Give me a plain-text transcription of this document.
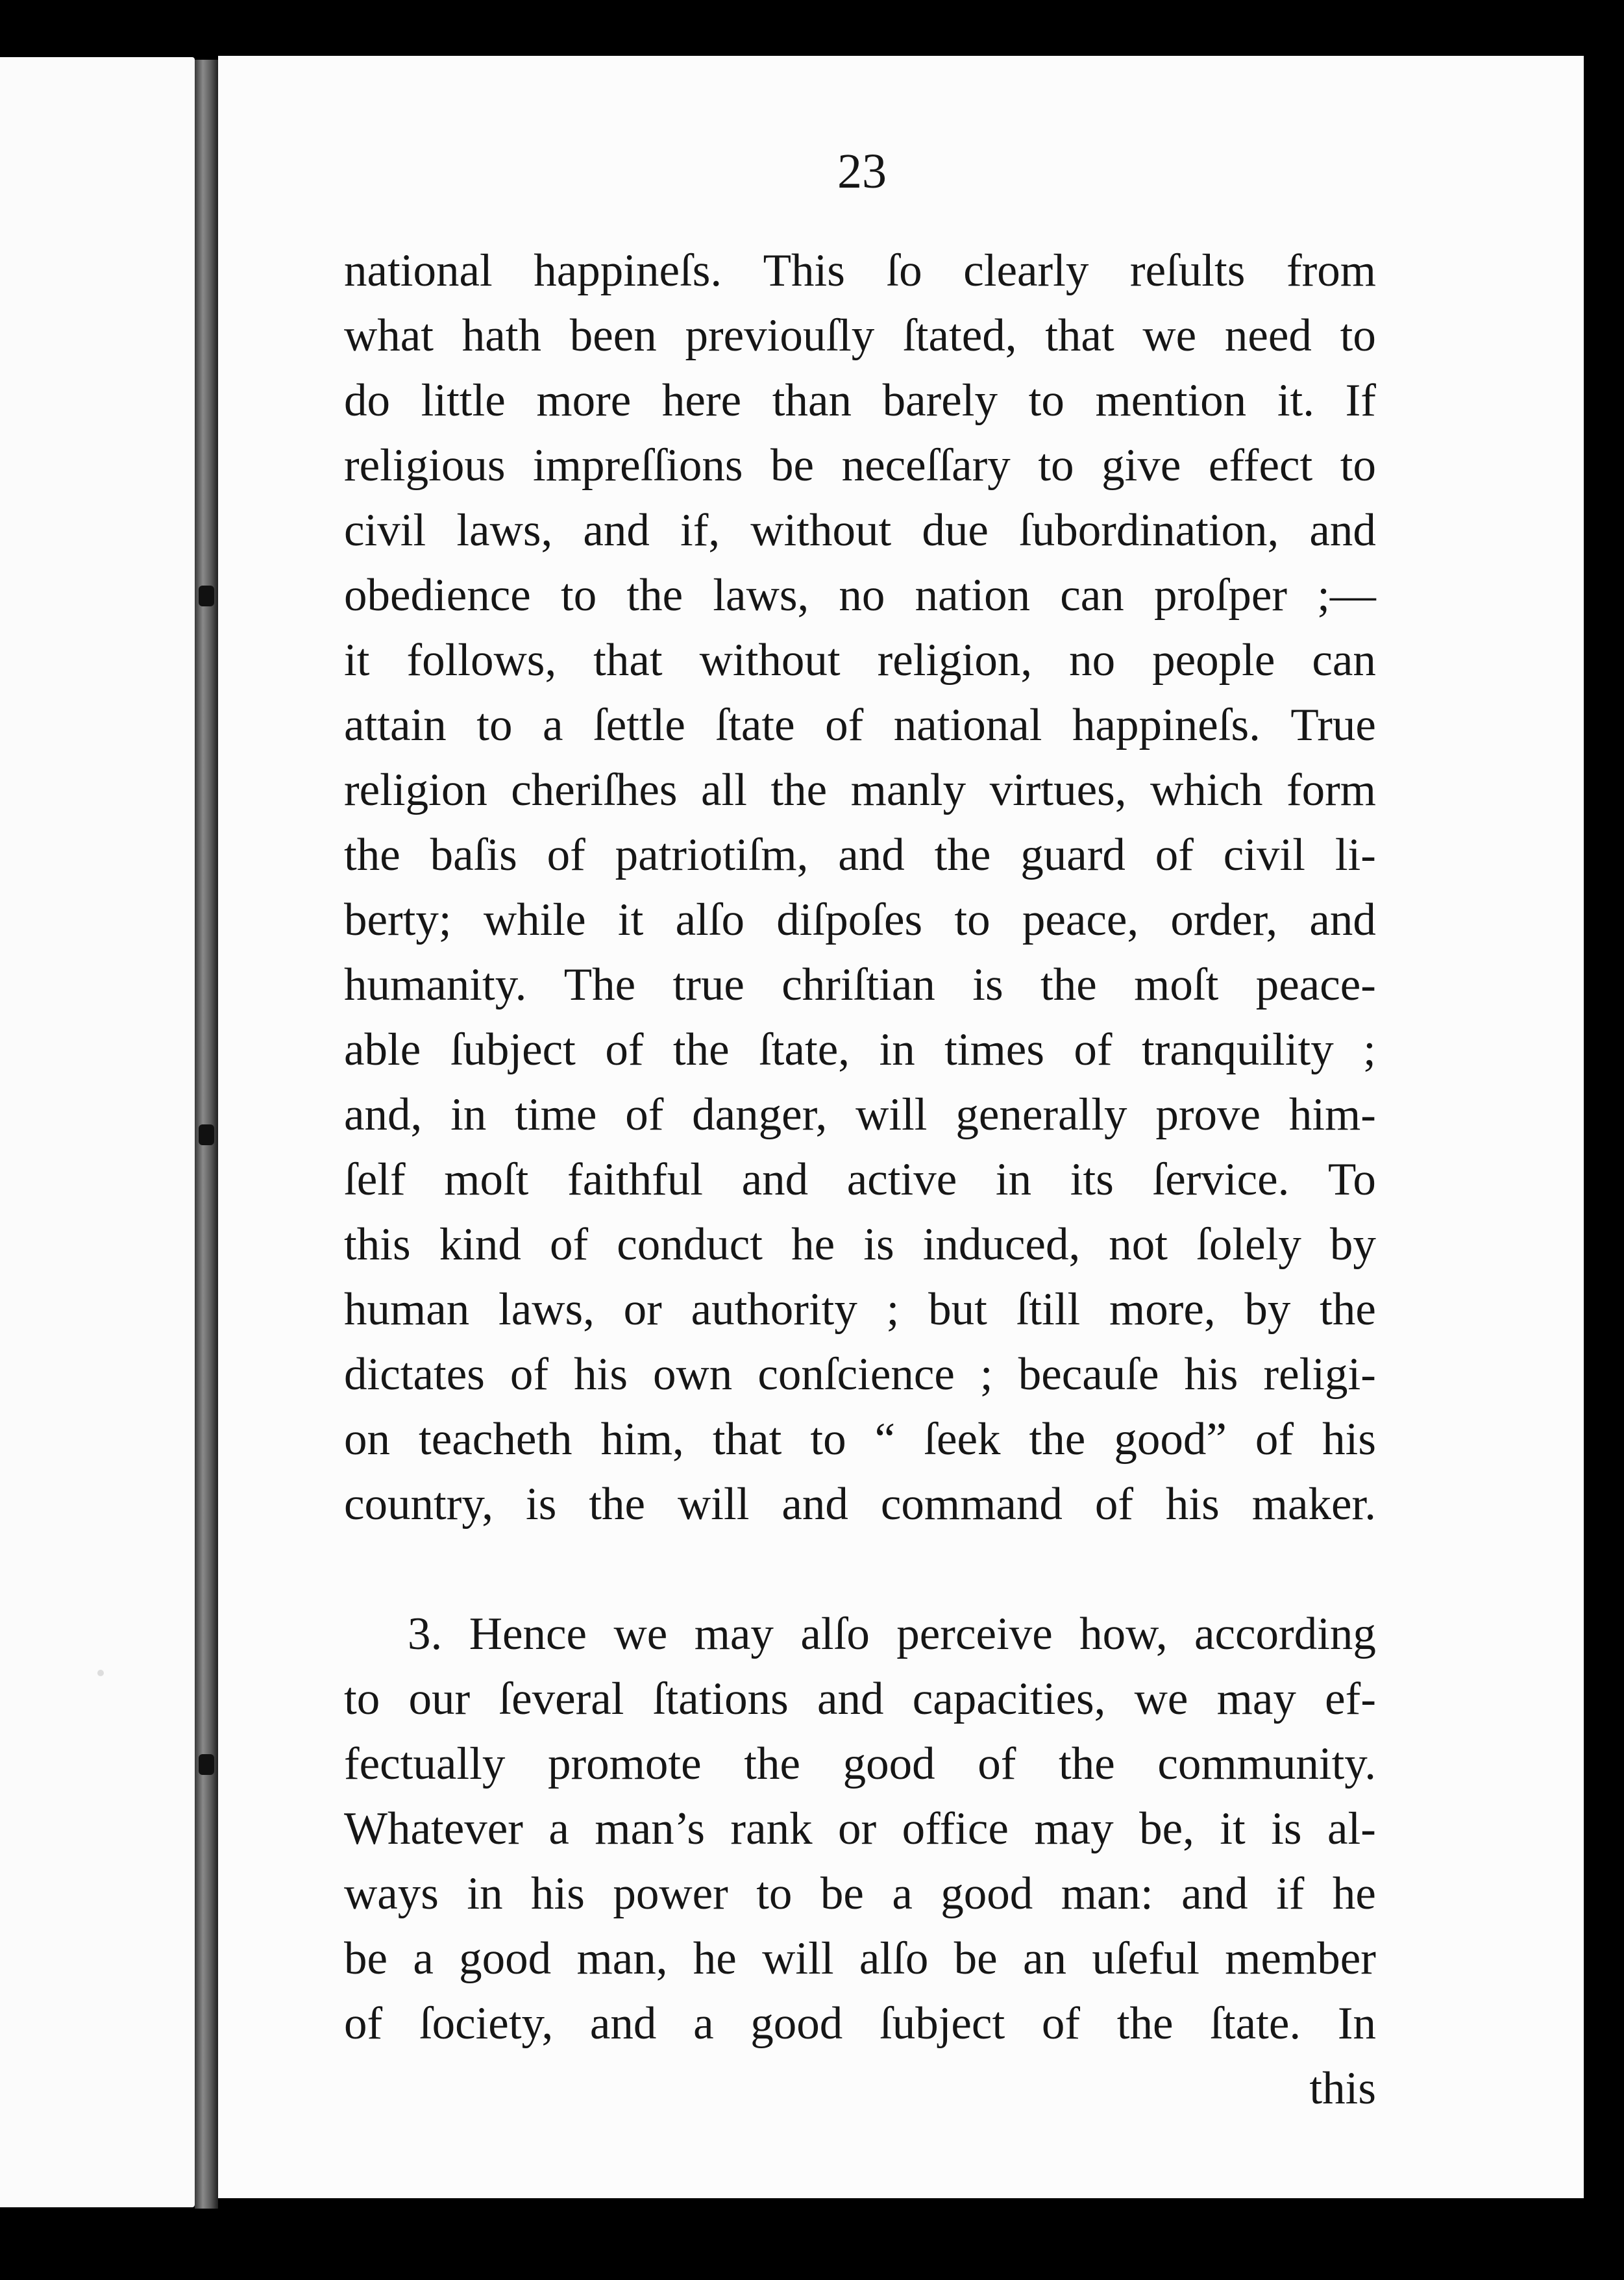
23
national happineſs. This ſo clearly reſults from
what hath been previouſly ſtated, that we need to
do little more here than barely to mention it. If
religious impreſſions be neceſſary to give effect to
civil laws, and if, without due ſubordination, and
obedience to the laws, no nation can proſper ;—
it follows, that without religion, no people can
attain to a ſettle ſtate of national happineſs. True
religion cheriſhes all the manly virtues, which form
the baſis of patriotiſm, and the guard of civil li-
berty; while it alſo diſpoſes to peace, order, and
humanity. The true chriſtian is the moſt peace-
able ſubject of the ſtate, in times of tranquility ;
and, in time of danger, will generally prove him-
ſelf moſt faithful and active in its ſervice. To
this kind of conduct he is induced, not ſolely by
human laws, or authority ; but ſtill more, by the
dictates of his own conſcience ; becauſe his religi-
on teacheth him, that to “ ſeek the good” of his
country, is the will and command of his maker.
3. Hence we may alſo perceive how, according
to our ſeveral ſtations and capacities, we may ef-
fectually promote the good of the community.
Whatever a man’s rank or office may be, it is al-
ways in his power to be a good man: and if he
be a good man, he will alſo be an uſeful member
of ſociety, and a good ſubject of the ſtate. In
this
